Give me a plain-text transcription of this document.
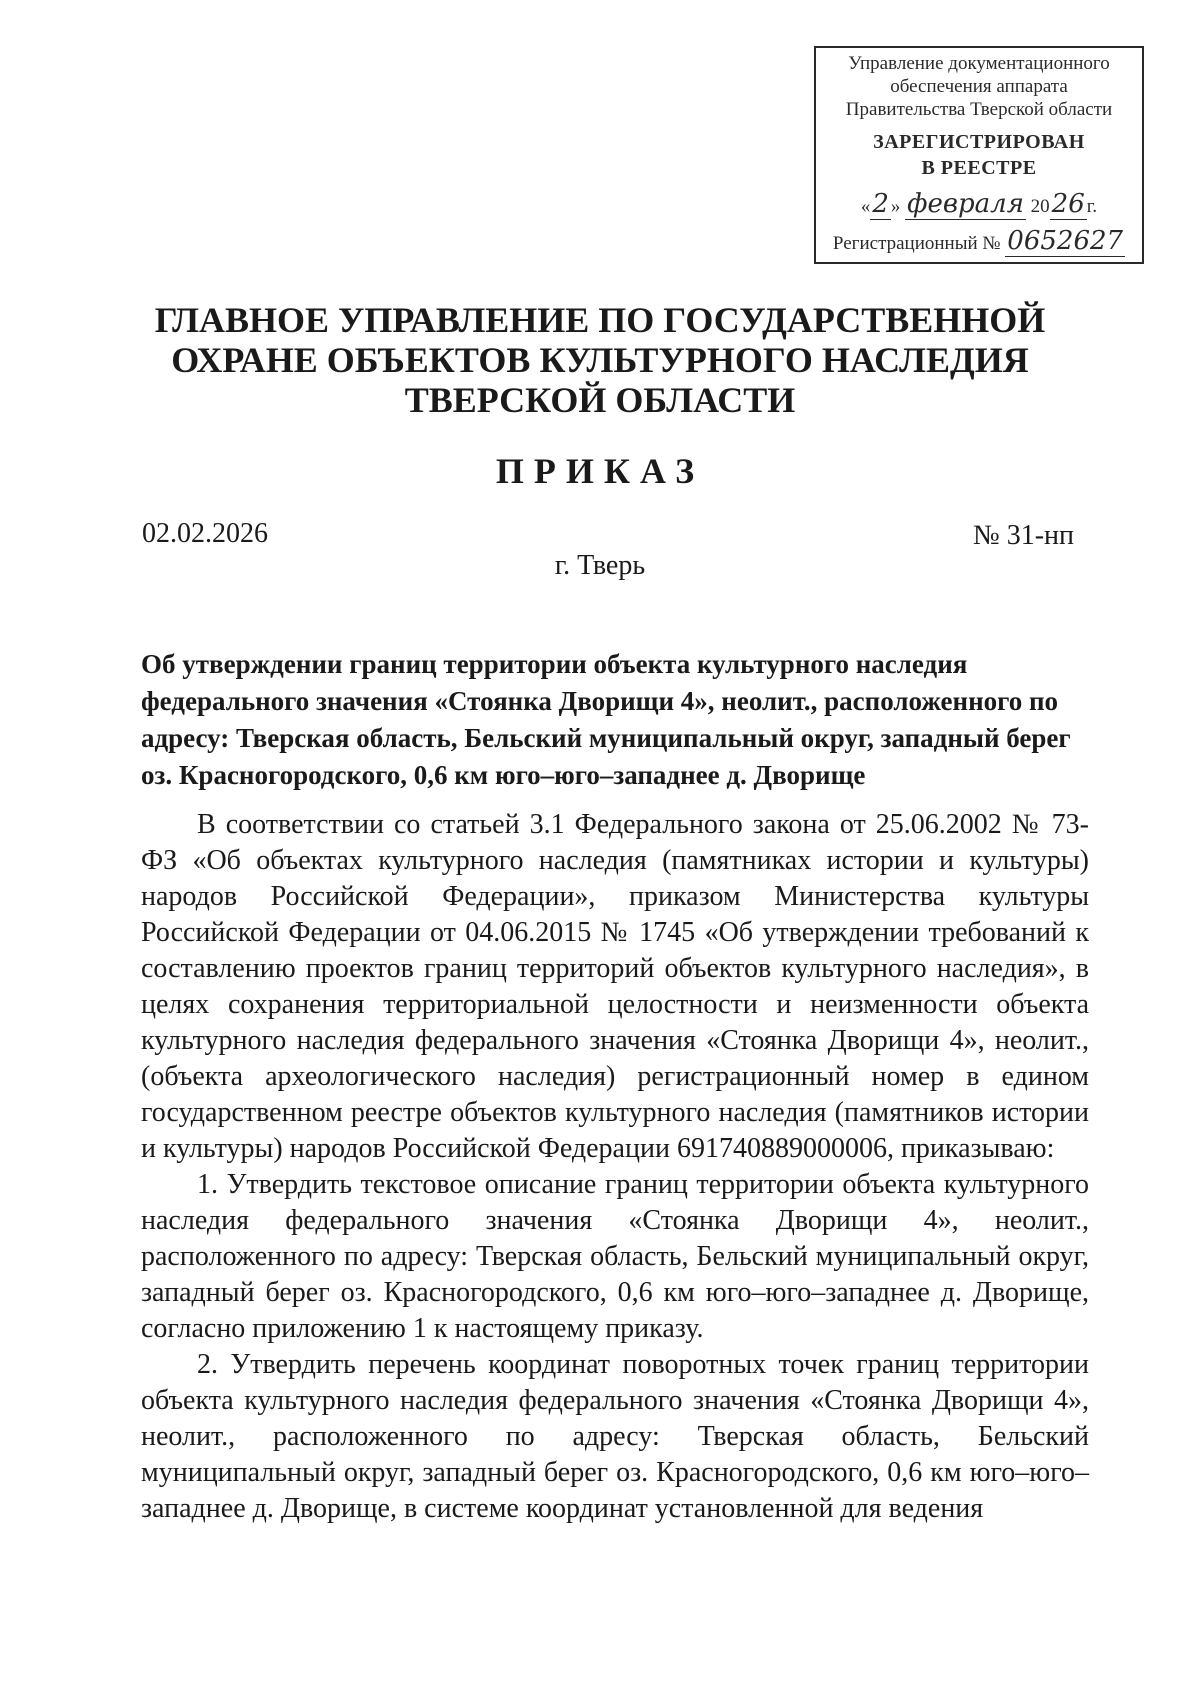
Управление документационного
обеспечения аппарата
Правительства Тверской области
ЗАРЕГИСТРИРОВАН
В РЕЕСТРЕ
«2 » февраля 2026 г.
Регистрационный № 0652627
ГЛАВНОЕ УПРАВЛЕНИЕ ПО ГОСУДАРСТВЕННОЙ
ОХРАНЕ ОБЪЕКТОВ КУЛЬТУРНОГО НАСЛЕДИЯ
ТВЕРСКОЙ ОБЛАСТИ
ПРИКАЗ
02.02.2026	№ 31-нп
г. Тверь
Об утверждении границ территории объекта культурного наследия федерального значения «Стоянка Дворищи 4», неолит., расположенного по адресу: Тверская область, Бельский муниципальный округ, западный берег оз. Красногородского, 0,6 км юго–юго–западнее д. Дворище

В соответствии со статьей 3.1 Федерального закона от 25.06.2002 № 73-ФЗ «Об объектах культурного наследия (памятниках истории и культуры) народов Российской Федерации», приказом Министерства культуры Российской Федерации от 04.06.2015 № 1745 «Об утверждении требований к составлению проектов границ территорий объектов культурного наследия», в целях сохранения территориальной целостности и неизменности объекта культурного наследия федерального значения «Стоянка Дворищи 4», неолит., (объекта археологического наследия) регистрационный номер в едином государственном реестре объектов культурного наследия (памятников истории и культуры) народов Российской Федерации 691740889000006, приказываю:

1. Утвердить текстовое описание границ территории объекта культурного наследия федерального значения «Стоянка Дворищи 4», неолит., расположенного по адресу: Тверская область, Бельский муниципальный округ, западный берег оз. Красногородского, 0,6 км юго–юго–западнее д. Дворище, согласно приложению 1 к настоящему приказу.

2. Утвердить перечень координат поворотных точек границ территории объекта культурного наследия федерального значения «Стоянка Дворищи 4», неолит., расположенного по адресу: Тверская область, Бельский муниципальный округ, западный берег оз. Красногородского, 0,6 км юго–юго–западнее д. Дворище, в системе координат установленной для ведения
